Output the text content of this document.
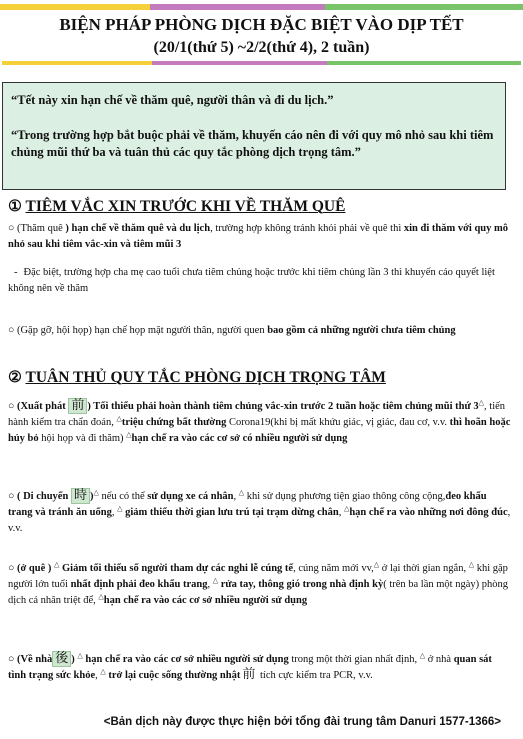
BIỆN PHÁP PHÒNG DỊCH ĐẶC BIỆT VÀO DỊP TẾT
(20/1(thứ 5) ~2/2(thứ 4), 2 tuần)
“Tết này xin hạn chế về thăm quê, người thân và đi du lịch.”
“Trong trường hợp bắt buộc phải về thăm, khuyến cáo nên đi với quy mô nhỏ sau khi tiêm chủng mũi thứ ba và tuân thủ các quy tắc phòng dịch trọng tâm.”
① TIÊM VẮC XIN TRƯỚC KHI VỀ THĂM QUÊ
○ (Thăm quê ) hạn chế về thăm quê và du lịch, trường hợp không tránh khỏi phải về quê thì xin đi thăm với quy mô nhỏ sau khi tiêm vắc-xin và tiêm mũi 3
- Đặc biệt, trường hợp cha mẹ cao tuổi chưa tiêm chủng hoặc trước khi tiêm chủng lần 3 thì khuyến cáo quyết liệt không nên về thăm
○ (Gặp gỡ, hội họp) hạn chế họp mặt người thân, người quen bao gồm cả những người chưa tiêm chủng
② TUÂN THỦ QUY TẮC PHÒNG DỊCH TRỌNG TÂM
○ (Xuất phát 前 ) Tối thiểu phải hoàn thành tiêm chủng vắc-xin trước 2 tuần hoặc tiêm chủng mũi thứ 3△, tiến hành kiểm tra chẩn đoán, △triệu chứng bất thường Corona19(khi bị mất khứu giác, vị giác, đau cơ, v.v. thì hoãn hoặc hủy bỏ hội họp và đi thăm) △hạn chế ra vào các cơ sở có nhiều người sử dụng
○ ( Di chuyển 時 )△ nếu có thể sử dụng xe cá nhân, △ khi sử dụng phương tiện giao thông công cộng,đeo khẩu trang và tránh ăn uống, △ giảm thiểu thời gian lưu trú tại trạm dừng chân, △hạn chế ra vào những nơi đông đúc, v.v.
○ (ở quê ) △ Giảm tối thiểu số người tham dự các nghi lễ cúng tế, cúng năm mới vv,△ ở lại thời gian ngắn, △ khi gặp người lớn tuổi nhất định phải đeo khẩu trang, △ rửa tay, thông gió trong nhà định kỳ( trên ba lần một ngày) phòng dịch cá nhân triệt để, △hạn chế ra vào các cơ sở nhiều người sử dụng
○ (Về nhà 後 ) △ hạn chế ra vào các cơ sở nhiều người sử dụng trong một thời gian nhất định, △ ở nhà quan sát tình trạng sức khỏe, △ trở lại cuộc sống thường nhật 前 tích cực kiểm tra PCR, v.v.
<Bản dịch này được thực hiện bởi tổng đài trung tâm Danuri 1577-1366>
